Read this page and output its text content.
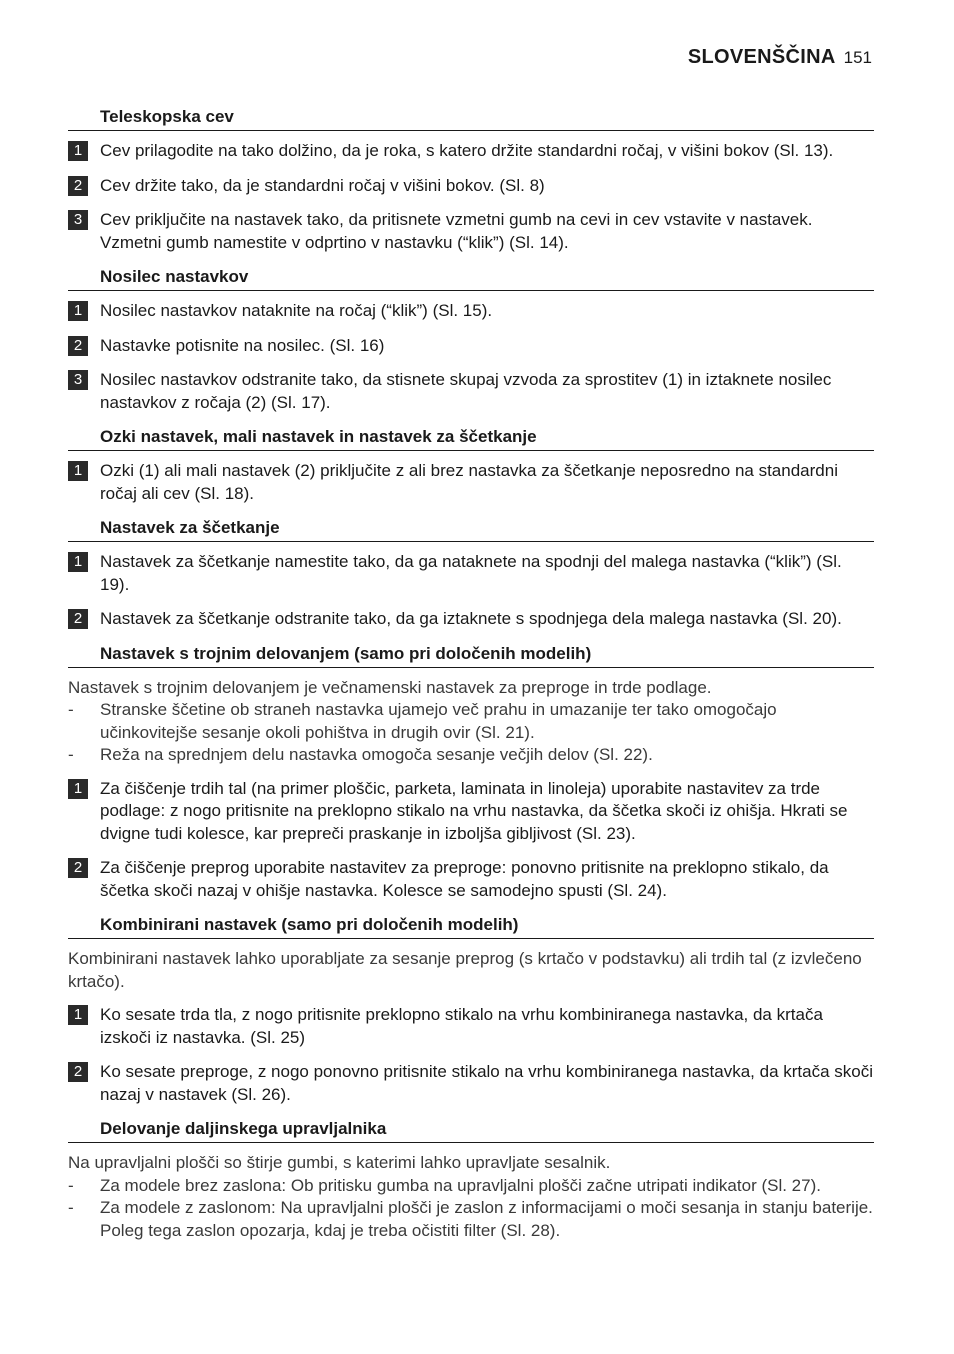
SLOVENŠČINA 151
Teleskopska cev
1	Cev prilagodite na tako dolžino, da je roka, s katero držite standardni ročaj, v višini bokov (Sl. 13).
2	Cev držite tako, da je standardni ročaj v višini bokov. (Sl. 8)
3	Cev priključite na nastavek tako, da pritisnete vzmetni gumb na cevi in cev vstavite v nastavek. Vzmetni gumb namestite v odprtino v nastavku (“klik”) (Sl. 14).
Nosilec nastavkov
1	Nosilec nastavkov nataknite na ročaj (“klik”) (Sl. 15).
2	Nastavke potisnite na nosilec. (Sl. 16)
3	Nosilec nastavkov odstranite tako, da stisnete skupaj vzvoda za sprostitev (1) in iztaknete nosilec nastavkov z ročaja (2) (Sl. 17).
Ozki nastavek, mali nastavek in nastavek za ščetkanje
1	Ozki (1) ali mali nastavek (2) priključite z ali brez nastavka za ščetkanje neposredno na standardni ročaj ali cev (Sl. 18).
Nastavek za ščetkanje
1	Nastavek za ščetkanje namestite tako, da ga nataknete na spodnji del malega nastavka (“klik”) (Sl. 19).
2	Nastavek za ščetkanje odstranite tako, da ga iztaknete s spodnjega dela malega nastavka (Sl. 20).
Nastavek s trojnim delovanjem (samo pri določenih modelih)
Nastavek s trojnim delovanjem je večnamenski nastavek za preproge in trde podlage.
-	Stranske ščetine ob straneh nastavka ujamejo več prahu in umazanije ter tako omogočajo učinkovitejše sesanje okoli pohištva in drugih ovir (Sl. 21).
-	Reža na sprednjem delu nastavka omogoča sesanje večjih delov (Sl. 22).
1	Za čiščenje trdih tal (na primer ploščic, parketa, laminata in linoleja) uporabite nastavitev za trde podlage: z nogo pritisnite na preklopno stikalo na vrhu nastavka, da ščetka skoči iz ohišja. Hkrati se dvigne tudi kolesce, kar prepreči praskanje in izboljša gibljivost (Sl. 23).
2	Za čiščenje preprog uporabite nastavitev za preproge: ponovno pritisnite na preklopno stikalo, da ščetka skoči nazaj v ohišje nastavka. Kolesce se samodejno spusti (Sl. 24).
Kombinirani nastavek (samo pri določenih modelih)
Kombinirani nastavek lahko uporabljate za sesanje preprog (s krtačo v podstavku) ali trdih tal (z izvlečeno krtačo).
1	Ko sesate trda tla, z nogo pritisnite preklopno stikalo na vrhu kombiniranega nastavka, da krtača izskoči iz nastavka. (Sl. 25)
2	Ko sesate preproge, z nogo ponovno pritisnite stikalo na vrhu kombiniranega nastavka, da krtača skoči nazaj v nastavek (Sl. 26).
Delovanje daljinskega upravljalnika
Na upravljalni plošči so štirje gumbi, s katerimi lahko upravljate sesalnik.
-	Za modele brez zaslona: Ob pritisku gumba na upravljalni plošči začne utripati indikator (Sl. 27).
-	Za modele z zaslonom: Na upravljalni plošči je zaslon z informacijami o moči sesanja in stanju baterije. Poleg tega zaslon opozarja, kdaj je treba očistiti filter (Sl. 28).
